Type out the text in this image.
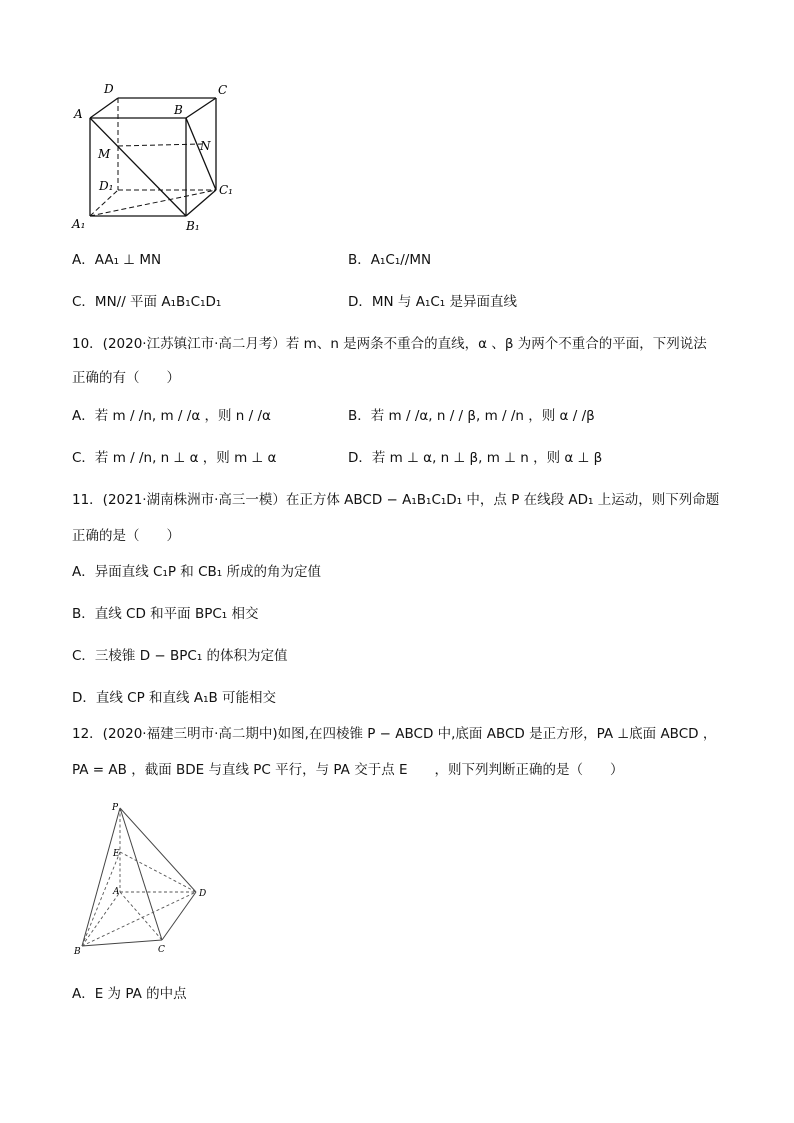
D	C
A	B
M
N
D₁	C₁
A₁	B₁
A．AA₁ ⊥ MN	B．A₁C₁//MN
C．MN// 平面 A₁B₁C₁D₁	D．MN 与 A₁C₁ 是异面直线
10．(2020·江苏镇江市·高二月考）若 m、n 是两条不重合的直线，α 、β 为两个不重合的平面，下列说法
正确的有（　　）
A．若 m / /n, m / /α ，则 n / /α	B．若 m / /α, n / / β, m / /n ，则 α / /β
C．若 m / /n, n ⊥ α ，则 m ⊥ α	D．若 m ⊥ α, n ⊥ β, m ⊥ n ，则 α ⊥ β
11．(2021·湖南株洲市·高三一模）在正方体 ABCD − A₁B₁C₁D₁ 中，点 P 在线段 AD₁ 上运动，则下列命题
正确的是（　　）
A．异面直线 C₁P 和 CB₁ 所成的角为定值
B．直线 CD 和平面 BPC₁ 相交
C．三棱锥 D − BPC₁ 的体积为定值
D．直线 CP 和直线 A₁B 可能相交
12．(2020·福建三明市·高二期中)如图,在四棱锥 P − ABCD 中,底面 ABCD 是正方形，PA ⊥底面 ABCD ，
PA = AB ，截面 BDE 与直线 PC 平行，与 PA 交于点 E　　，则下列判断正确的是（　　）
P
E
A	D
B	C
A．E 为 PA 的中点
